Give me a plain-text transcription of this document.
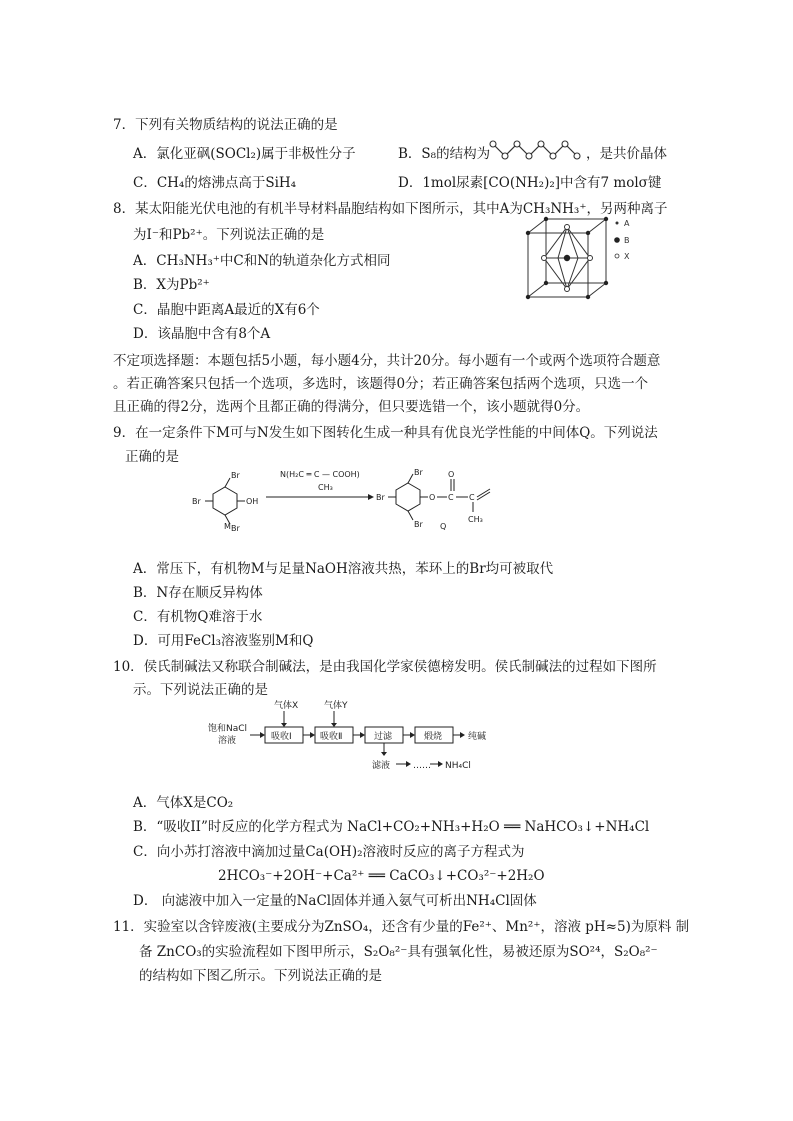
7．下列有关物质结构的说法正确的是
A．氯化亚砜(SOCl₂)属于非极性分子	B．S₈的结构为	，是共价晶体
C．CH₄的熔沸点高于SiH₄	D．1mol尿素[CO(NH₂)₂]中含有7 molσ键
8．某太阳能光伏电池的有机半导材料晶胞结构如下图所示，其中A为CH₃NH₃⁺，另两种离子
为I⁻和Pb²⁺。下列说法正确的是
A．CH₃NH₃⁺中C和N的轨道杂化方式相同
B．X为Pb²⁺
C．晶胞中距离A最近的X有6个
D．该晶胞中含有8个A
A
B
X
不定项选择题：本题包括5小题，每小题4分，共计20分。每小题有一个或两个选项符合题意
。若正确答案只包括一个选项，多选时，该题得0分；若正确答案包括两个选项，只选一个
且正确的得2分，选两个且都正确的得满分，但只要选错一个，该小题就得0分。
9．在一定条件下M可与N发生如下图转化生成一种具有优良光学性能的中间体Q。下列说法
正确的是
Br
Br
Br	OH
M
N(H₂C ═ C — COOH)
CH₃
Br
Br
Br
O C
O
C
CH₃
Q
A．常压下，有机物M与足量NaOH溶液共热，苯环上的Br均可被取代
B．N存在顺反异构体
C．有机物Q难溶于水
D．可用FeCl₃溶液鉴别M和Q
10．侯氏制碱法又称联合制碱法，是由我国化学家侯德榜发明。侯氏制碱法的过程如下图所
示。下列说法正确的是
饱和NaCl
溶液	吸收Ⅰ
气体X
吸收Ⅱ
气体Y
过滤	煅烧	纯碱
滤液	…… NH₄Cl
A．气体X是CO₂
B．“吸收II”时反应的化学方程式为 NaCl+CO₂+NH₃+H₂O ══ NaHCO₃↓+NH₄Cl
C．向小苏打溶液中滴加过量Ca(OH)₂溶液时反应的离子方程式为
2HCO₃⁻+2OH⁻+Ca²⁺ ══ CaCO₃↓+CO₃²⁻+2H₂O
D． 向滤液中加入一定量的NaCl固体并通入氨气可析出NH₄Cl固体
11．实验室以含锌废液(主要成分为ZnSO₄，还含有少量的Fe²⁺、Mn²⁺，溶液 pH≈5)为原料 制
备 ZnCO₃的实验流程如下图甲所示，S₂O₈²⁻具有强氧化性，易被还原为SO²⁴，S₂O₈²⁻
的结构如下图乙所示。下列说法正确的是
